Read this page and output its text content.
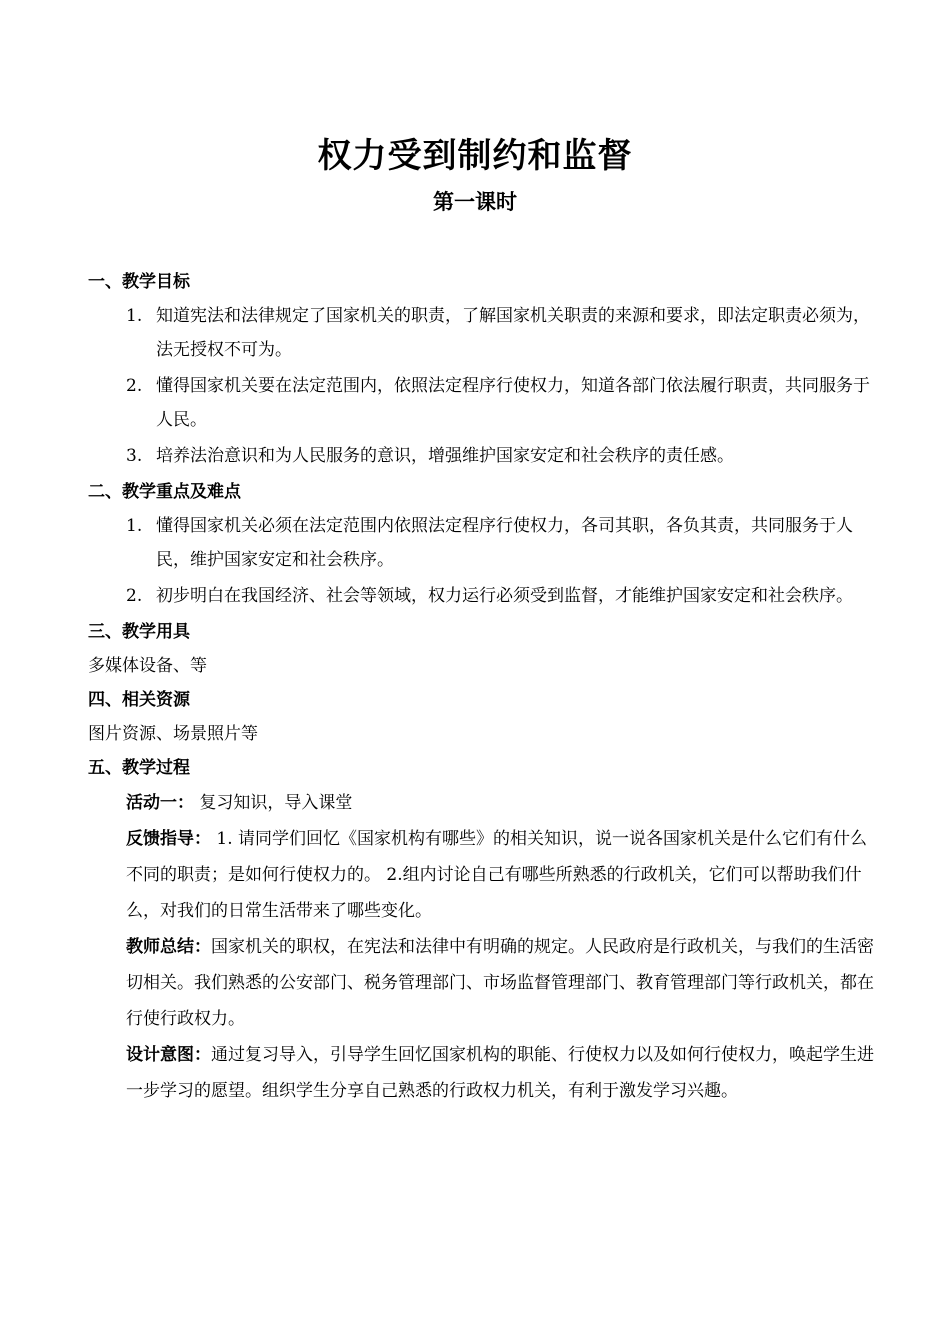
权力受到制约和监督
第一课时
一、教学目标
1. 知道宪法和法律规定了国家机关的职责，了解国家机关职责的来源和要求，即法定职责必须为，法无授权不可为。
2. 懂得国家机关要在法定范围内，依照法定程序行使权力，知道各部门依法履行职责，共同服务于人民。
3. 培养法治意识和为人民服务的意识，增强维护国家安定和社会秩序的责任感。
二、教学重点及难点
1. 懂得国家机关必须在法定范围内依照法定程序行使权力，各司其职，各负其责，共同服务于人民，维护国家安定和社会秩序。
2. 初步明白在我国经济、社会等领域，权力运行必须受到监督，才能维护国家安定和社会秩序。
三、教学用具
多媒体设备、等
四、相关资源
图片资源、场景照片等
五、教学过程

活动一： 复习知识，导入课堂

反馈指导： 1. 请同学们回忆《国家机构有哪些》的相关知识，说一说各国家机关是什么它们有什么不同的职责；是如何行使权力的。 2.组内讨论自己有哪些所熟悉的行政机关，它们可以帮助我们什么，对我们的日常生活带来了哪些变化。

教师总结：国家机关的职权，在宪法和法律中有明确的规定。人民政府是行政机关，与我们的生活密切相关。我们熟悉的公安部门、税务管理部门、市场监督管理部门、教育管理部门等行政机关，都在行使行政权力。

设计意图：通过复习导入，引导学生回忆国家机构的职能、行使权力以及如何行使权力，唤起学生进一步学习的愿望。组织学生分享自己熟悉的行政权力机关，有利于激发学习兴趣。
